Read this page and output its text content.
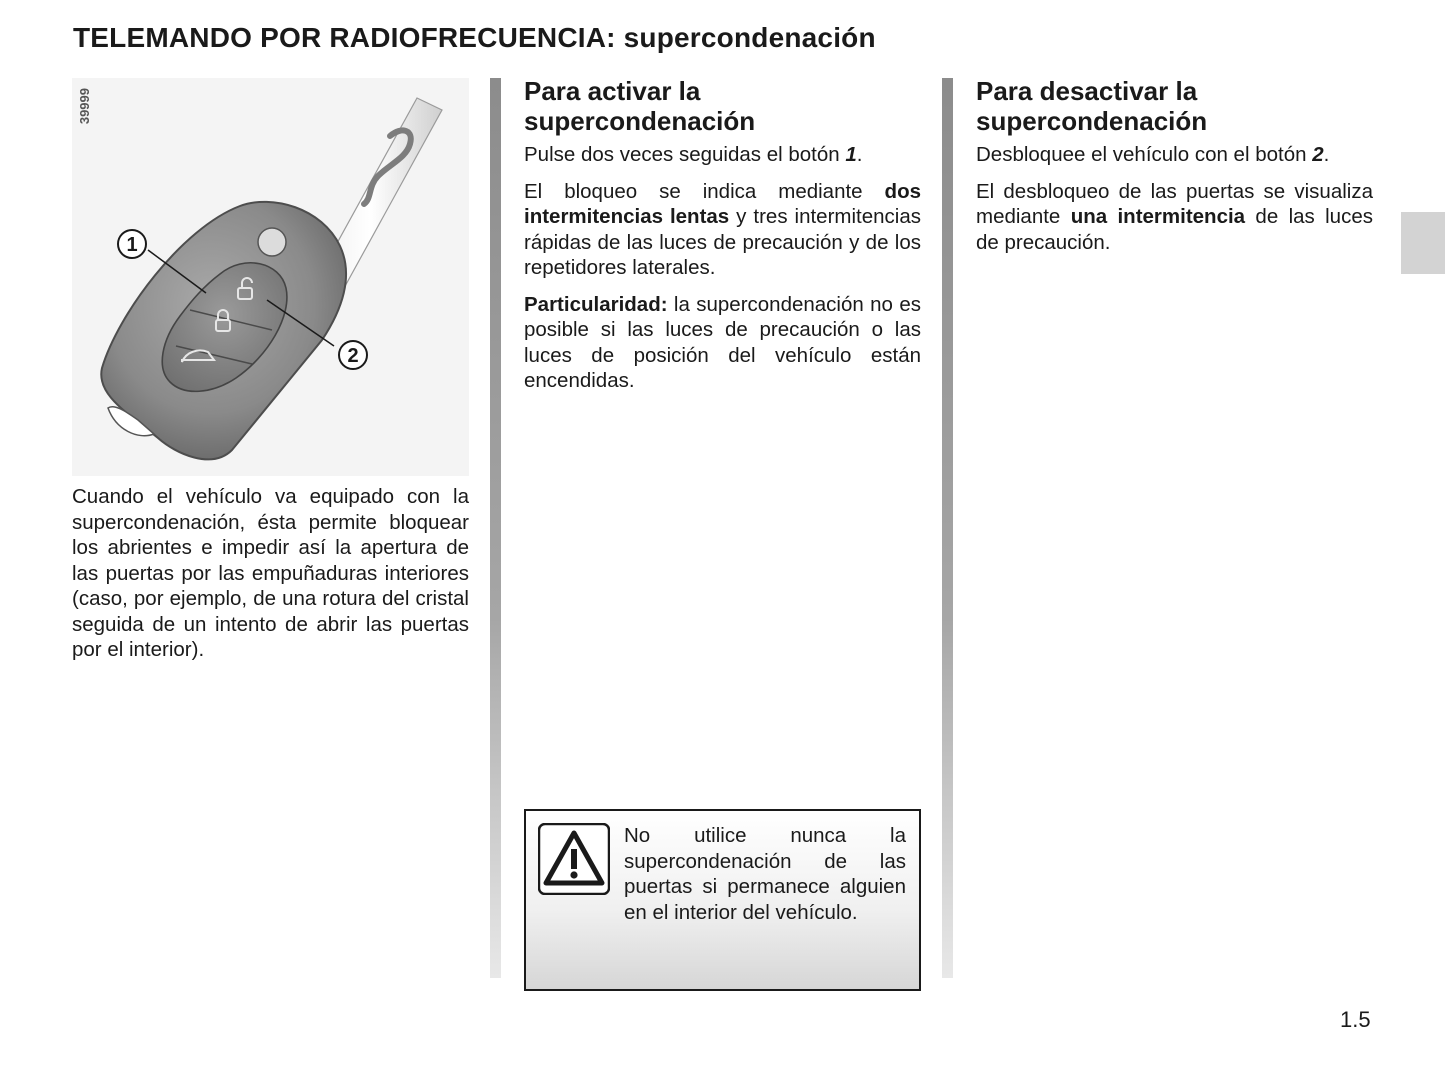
TELEMANDO POR RADIOFRECUENCIA: supercondenación
39999
1
2

Cuando el vehículo va equipado con la supercondenación, ésta permite bloquear los abrientes e impedir así la apertura de las puertas por las empuñaduras interiores (caso, por ejemplo, de una rotura del cristal seguida de un intento de abrir las puertas por el interior).

Para activar la supercondenación

Pulse dos veces seguidas el botón 1.

El bloqueo se indica mediante dos intermitencias lentas y tres intermitencias rápidas de las luces de precaución y de los repetidores laterales.

Particularidad: la supercondenación no es posible si las luces de precaución o las luces de posición del vehículo están encendidas.

No utilice nunca la supercondenación de las puertas si permanece alguien en el interior del vehículo.

Para desactivar la supercondenación

Desbloquee el vehículo con el botón 2.

El desbloqueo de las puertas se visualiza mediante una intermitencia de las luces de precaución.

1.5
